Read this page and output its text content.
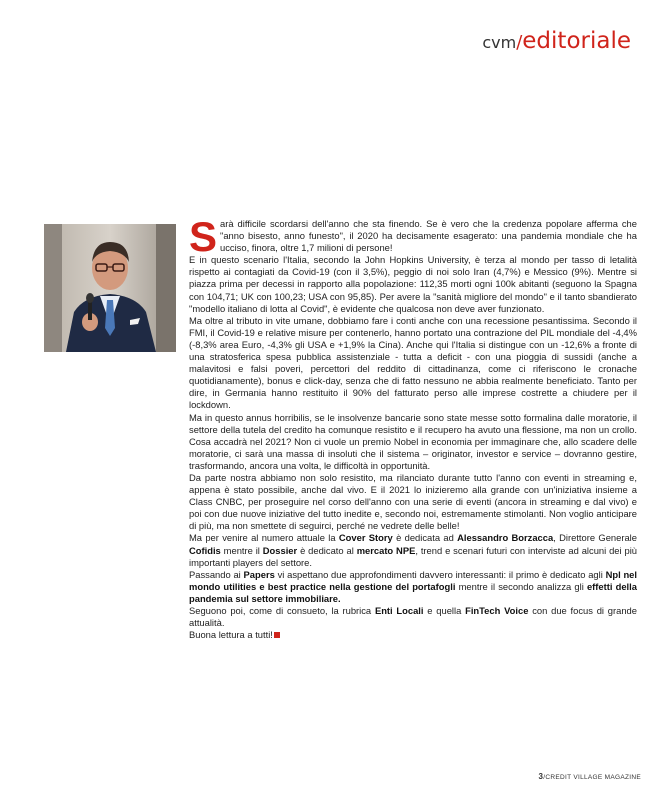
cvm/editoriale

Sarà difficile scordarsi dell'anno che sta finendo. Se è vero che la credenza popolare afferma che "anno bisesto, anno funesto", il 2020 ha decisamente esagerato: una pandemia mondiale che ha ucciso, finora, oltre 1,7 milioni di persone!

E in questo scenario l'Italia, secondo la John Hopkins University, è terza al mondo per tasso di letalità rispetto ai contagiati da Covid-19 (con il 3,5%), peggio di noi solo Iran (4,7%) e Messico (9%). Mentre si piazza prima per decessi in rapporto alla popolazione: 112,35 morti ogni 100k abitanti (seguono la Spagna con 104,71; UK con 100,23; USA con 95,85). Per avere la "sanità migliore del mondo" e il tanto sbandierato "modello italiano di lotta al Covid", è evidente che qualcosa non deve aver funzionato.

Ma oltre al tributo in vite umane, dobbiamo fare i conti anche con una recessione pesantissima. Secondo il FMI, il Covid-19 e relative misure per contenerlo, hanno portato una contrazione del PIL mondiale del -4,4% (-8,3% area Euro, -4,3% gli USA e +1,9% la Cina). Anche qui l'Italia si distingue con un -12,6% a fronte di una stratosferica spesa pubblica assistenziale - tutta a deficit - con una pioggia di sussidi (anche a malavitosi e falsi poveri, percettori del reddito di cittadinanza, come ci riferiscono le cronache quotidianamente), bonus e click-day, senza che di fatto nessuno ne abbia realmente beneficiato. Tanto per dire, in Germania hanno restituito il 90% del fatturato perso alle imprese costrette a chiudere per il lockdown.

Ma in questo annus horribilis, se le insolvenze bancarie sono state messe sotto formalina dalle moratorie, il settore della tutela del credito ha comunque resistito e il recupero ha avuto una flessione, ma non un crollo. Cosa accadrà nel 2021? Non ci vuole un premio Nobel in economia per immaginare che, allo scadere delle moratorie, ci sarà una massa di insoluti che il sistema – originator, investor e service – dovranno gestire, trasformando, ancora una volta, le difficoltà in opportunità.

Da parte nostra abbiamo non solo resistito, ma rilanciato durante tutto l'anno con eventi in streaming e, appena è stato possibile, anche dal vivo. E il 2021 lo inizieremo alla grande con un'iniziativa insieme a Class CNBC, per proseguire nel corso dell'anno con una serie di eventi (ancora in streaming e dal vivo) e poi con due nuove iniziative del tutto inedite e, secondo noi, estremamente stimolanti. Non voglio anticipare di più, ma non smettete di seguirci, perché ne vedrete delle belle!

Ma per venire al numero attuale la Cover Story è dedicata ad Alessandro Borzacca, Direttore Generale Cofidis mentre il Dossier è dedicato al mercato NPE, trend e scenari futuri con interviste ad alcuni dei più importanti players del settore.

Passando ai Papers vi aspettano due approfondimenti davvero interessanti: il primo è dedicato agli Npl nel mondo utilities e best practice nella gestione del portafogli mentre il secondo analizza gli effetti della pandemia sul settore immobiliare.

Seguono poi, come di consueto, la rubrica Enti Locali e quella FinTech Voice con due focus di grande attualità.

Buona lettura a tutti!

3/CREDIT VILLAGE MAGAZINE
